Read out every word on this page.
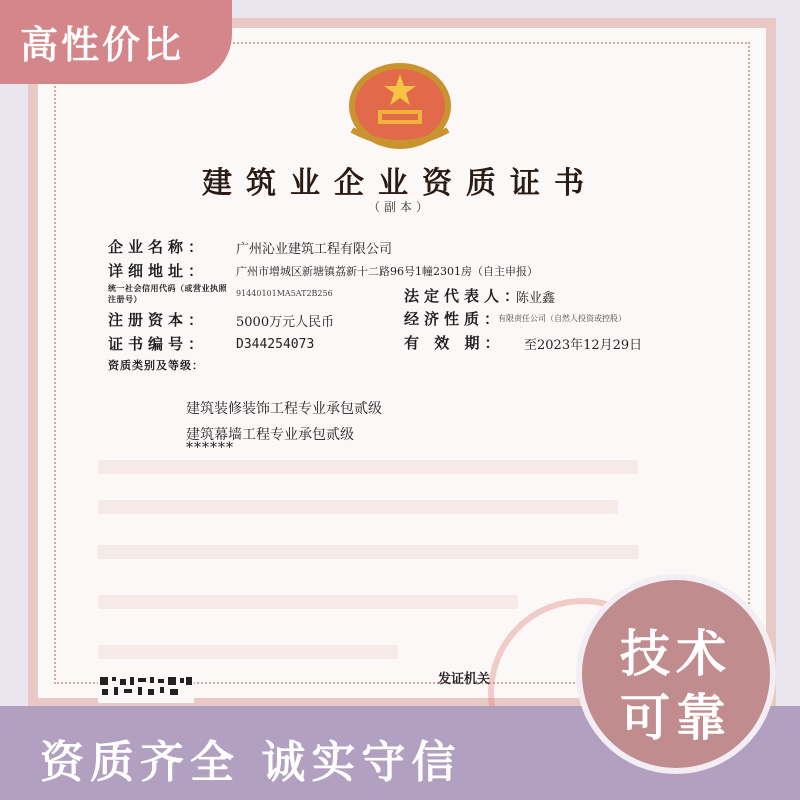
建筑业企业资质证书
（副本）
企业名称： 广州沁业建筑工程有限公司
详细地址：	广州市增城区新塘镇荔新十二路96号1幢2301房（自主申报）
统一社会信用代码（或营业执照注册号）
91440101MA5AT2B256	法定代表人：
陈业鑫
注册资本： 5000万元人民币	经济性质：
有限责任公司（自然人投资或控股）
证书编号： D344254073	有 效 期： 至2023年12月29日
资质类别及等级：
建筑装修装饰工程专业承包贰级
建筑幕墙工程专业承包贰级
******
发证机关
高性价比
资质齐全 诚实守信
技术
可靠
